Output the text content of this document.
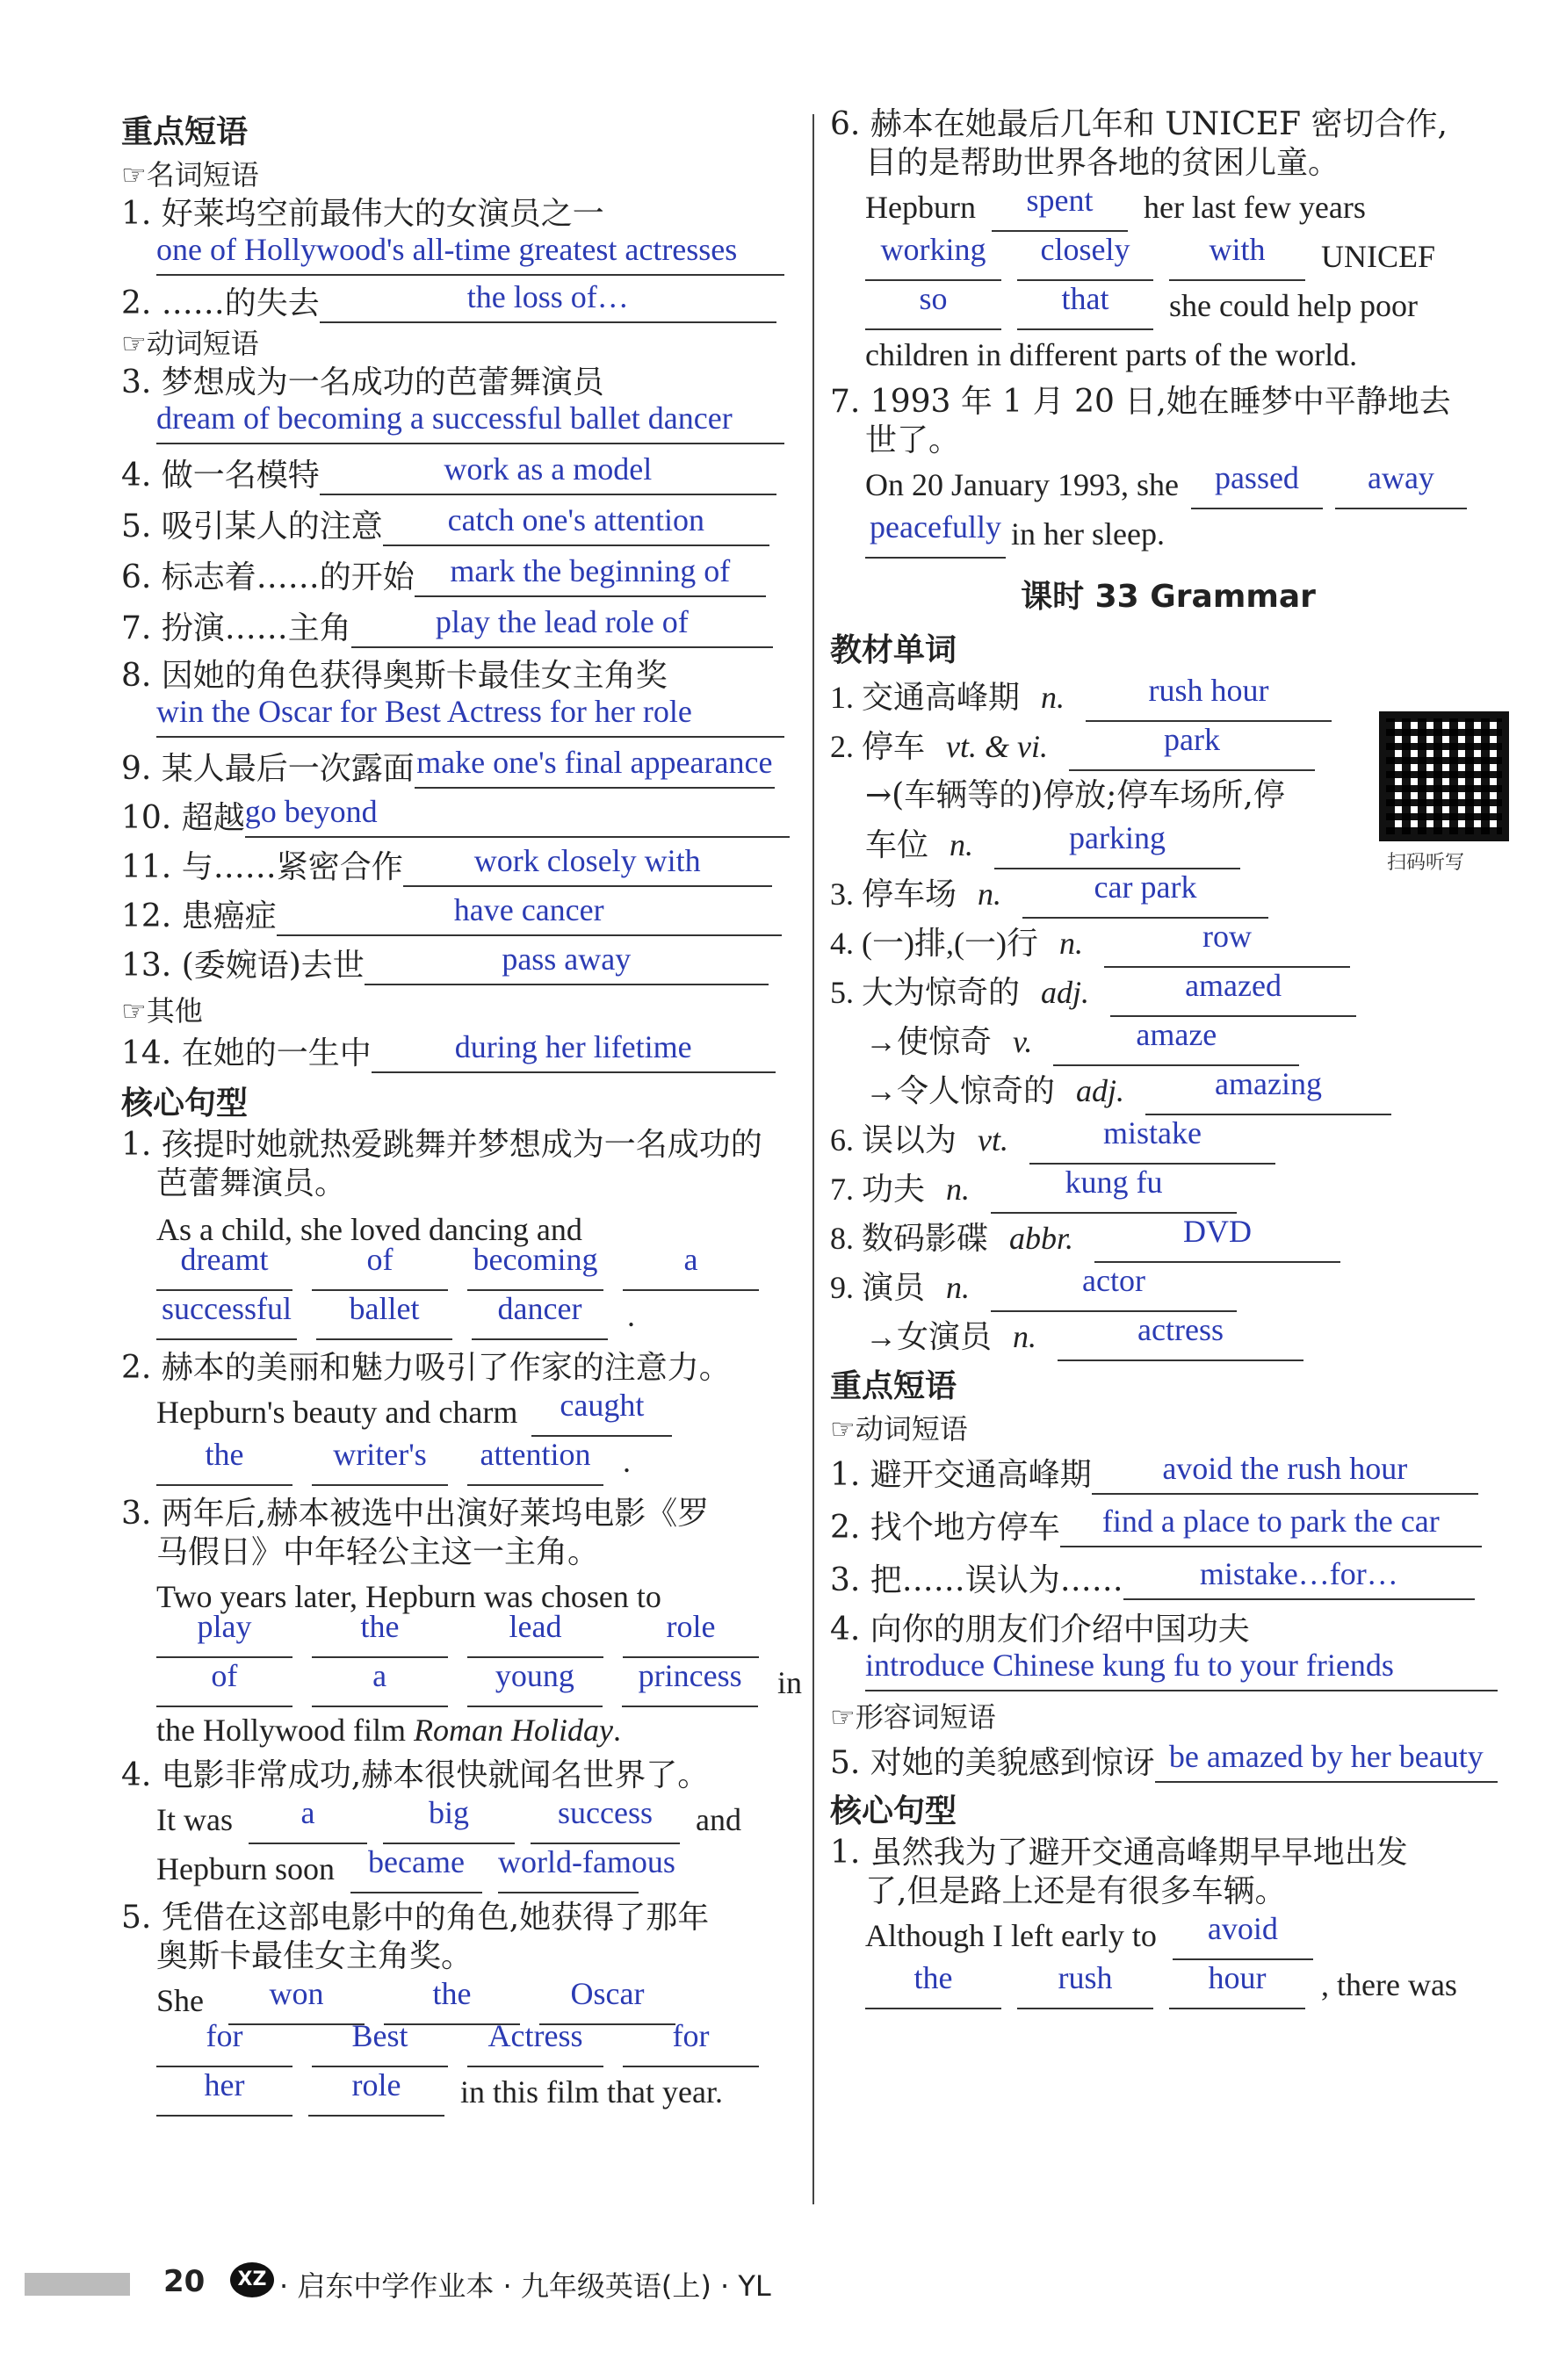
重点短语
☞名词短语
1. 好莱坞空前最伟大的女演员之一
one of Hollywood's all-time greatest actresses
2. ……的失去	the loss of…
☞动词短语
3. 梦想成为一名成功的芭蕾舞演员
dream of becoming a successful ballet dancer
4. 做一名模特	work as a model
5. 吸引某人的注意	catch one's attention
6. 标志着……的开始	mark the beginning of
7. 扮演……主角	play the lead role of
8. 因她的角色获得奥斯卡最佳女主角奖
win the Oscar for Best Actress for her role
9. 某人最后一次露面 make one's final appearance
10. 超越 go beyond
11. 与……紧密合作	work closely with
12. 患癌症	have cancer
13. (委婉语)去世	pass away
☞其他
14. 在她的一生中	during her lifetime
核心句型
1. 孩提时她就热爱跳舞并梦想成为一名成功的
芭蕾舞演员。
As a child, she loved dancing and
dreamt	of	becoming	a
successful	ballet	dancer	.
2. 赫本的美丽和魅力吸引了作家的注意力。
Hepburn's beauty and charm	caught
the	writer's	attention	.
3. 两年后,赫本被选中出演好莱坞电影《罗
马假日》中年轻公主这一主角。
Two years later, Hepburn was chosen to
play	the	lead	role
of	a	young	princess	in
the Hollywood film Roman Holiday.
4. 电影非常成功,赫本很快就闻名世界了。
It was	a	big	success	and
Hepburn soon	became	world-famous
5. 凭借在这部电影中的角色,她获得了那年
奥斯卡最佳女主角奖。
She	won	the	Oscar
for	Best	Actress	for
her	role	in this film that year.
6. 赫本在她最后几年和 UNICEF 密切合作,
目的是帮助世界各地的贫困儿童。
Hepburn	spent	her last few years
working	closely	with	UNICEF
so	that	she could help poor
children in different parts of the world.
7. 1993 年 1 月 20 日,她在睡梦中平静地去
世了。
On 20 January 1993, she	passed	away
peacefully in her sleep.
课时 33 Grammar
教材单词
扫码听写
1. 交通高峰期 n.	rush hour
2. 停车 vt. & vi.	park
→(车辆等的)停放;停车场所,停
车位 n.	parking
3. 停车场 n.	car park
4. (一)排,(一)行 n.	row
5. 大为惊奇的 adj.	amazed
→使惊奇 v.	amaze
→令人惊奇的 adj.	amazing
6. 误以为 vt.	mistake
7. 功夫 n.	kung fu
8. 数码影碟 abbr.	DVD
9. 演员 n.	actor
→女演员 n.	actress
重点短语
☞动词短语
1. 避开交通高峰期	avoid the rush hour
2. 找个地方停车	find a place to park the car
3. 把……误认为……	mistake…for…
4. 向你的朋友们介绍中国功夫
introduce Chinese kung fu to your friends
☞形容词短语
5. 对她的美貌感到惊讶 be amazed by her beauty
核心句型
1. 虽然我为了避开交通高峰期早早地出发
了,但是路上还是有很多车辆。
Although I left early to	avoid
the	rush	hour	, there was
20	XZ · 启东中学作业本 · 九年级英语(上) · YL
